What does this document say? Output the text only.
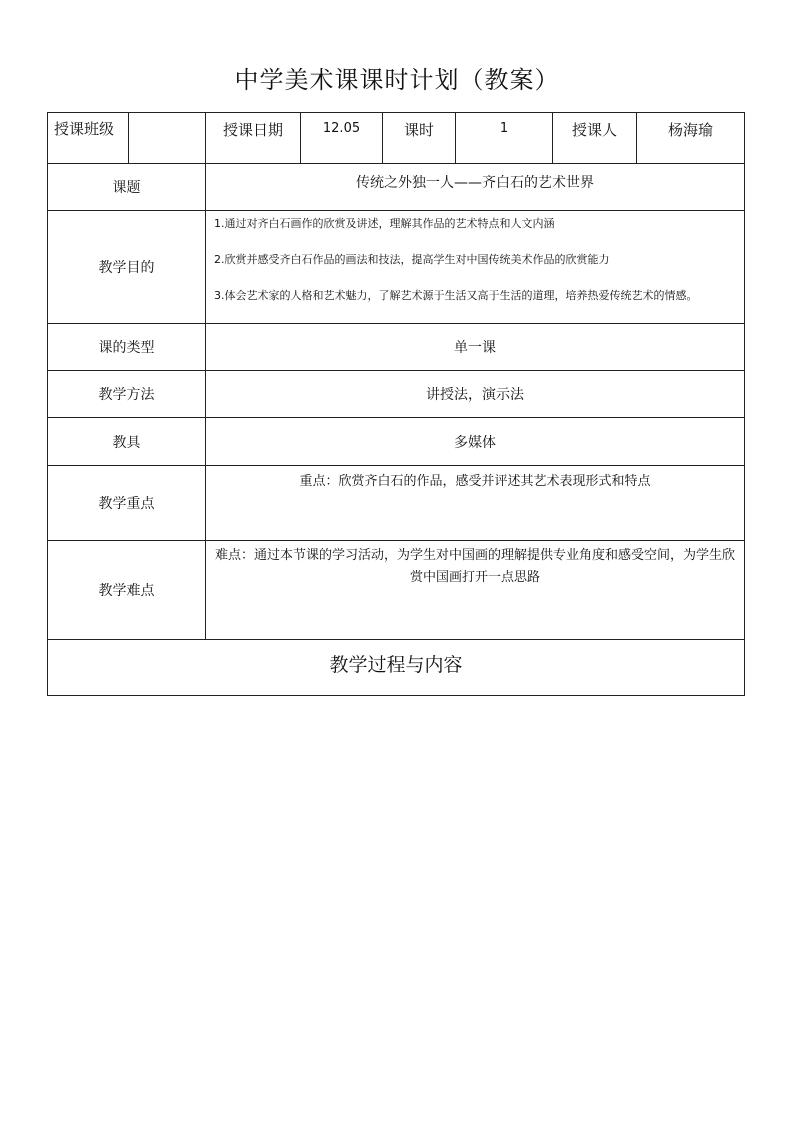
中学美术课课时计划（教案）
授课班级		授课日期	12.05	课时	1	授课人	杨海瑜
课题		传统之外独一人——齐白石的艺术世界					
教学目的		1.通过对齐白石画作的欣赏及讲述，理解其作品的艺术特点和人文内涵

2.欣赏并感受齐白石作品的画法和技法，提高学生对中国传统美术作品的欣赏能力

3.体会艺术家的人格和艺术魅力，了解艺术源于生活又高于生活的道理，培养热爱传统艺术的情感。					

课的类型		单一课					
教学方法		讲授法，演示法					
教具		多媒体					
教学重点		重点：欣赏齐白石的作品，感受并评述其艺术表现形式和特点					
教学难点		难点：通过本节课的学习活动，为学生对中国画的理解提供专业角度和感受空间，为学生欣赏中国画打开一点思路					
教学过程与内容							
